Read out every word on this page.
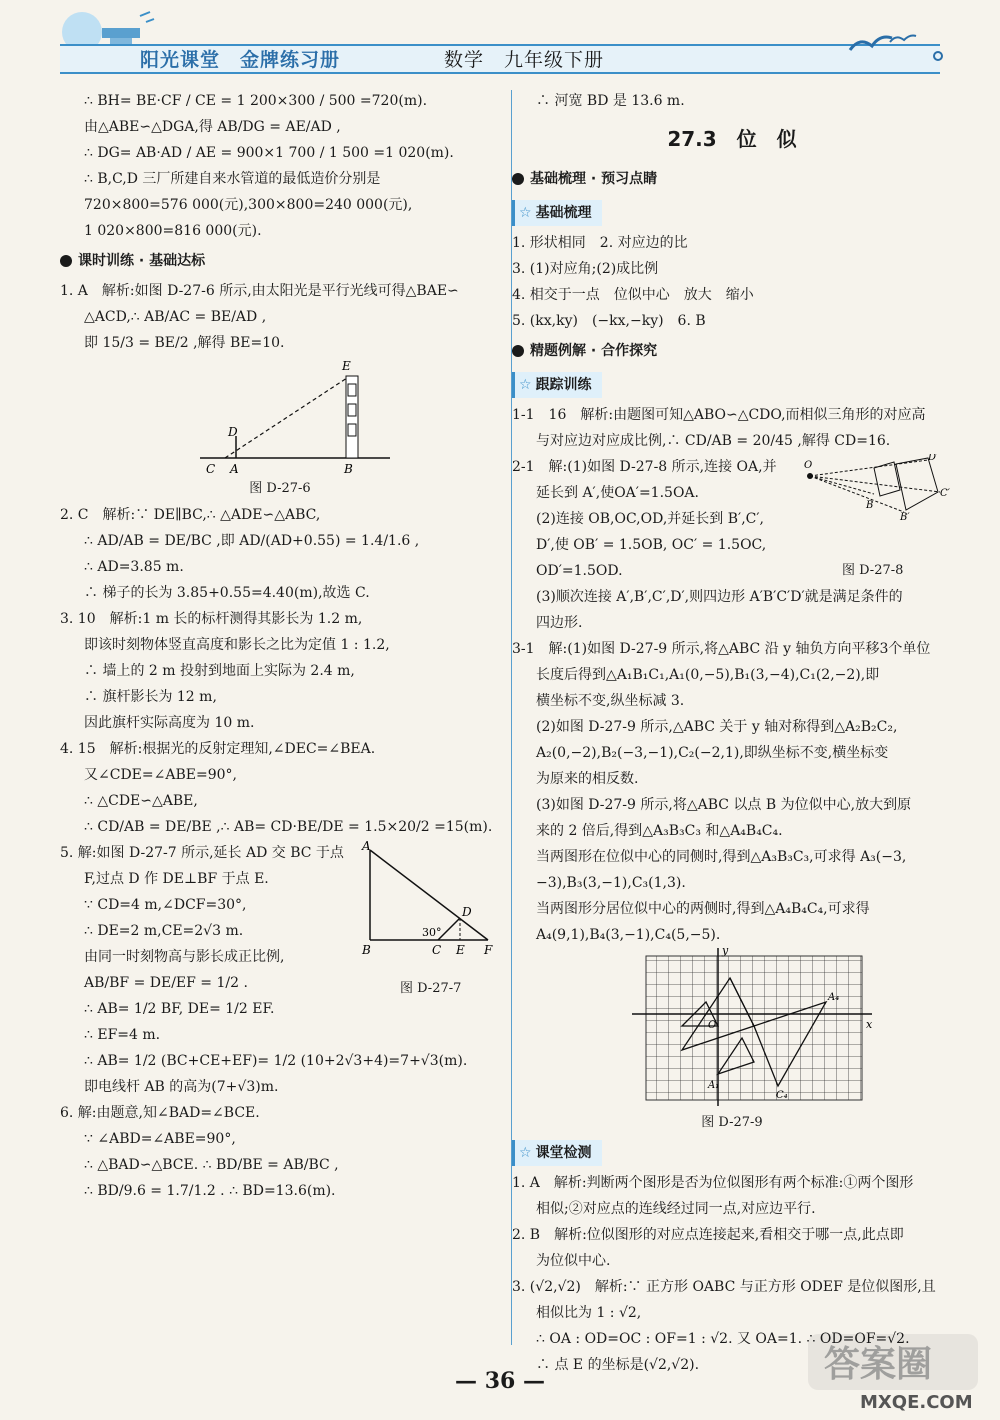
阳光课堂　金牌练习册	数学　九年级下册
∴ BH= BE·CF / CE = 1 200×300 / 500 =720(m).
由△ABE∽△DGA,得 AB/DG = AE/AD ,
∴ DG= AB·AD / AE = 900×1 700 / 1 500 =1 020(m).
∴ B,C,D 三厂所建自来水管道的最低造价分别是
720×800=576 000(元),300×800=240 000(元),
1 020×800=816 000(元).
课时训练 · 基础达标
1. A　解析:如图 D-27-6 所示,由太阳光是平行光线可得△BAE∽
△ACD,∴ AB/AC = BE/AD ,
即 15/3 = BE/2 ,解得 BE=10.
C A
D
B
E
图 D-27-6
2. C　解析:∵ DE∥BC,∴ △ADE∽△ABC,
∴ AD/AB = DE/BC ,即 AD/(AD+0.55) = 1.4/1.6 ,
∴ AD=3.85 m.
∴ 梯子的长为 3.85+0.55=4.40(m),故选 C.
3. 10　解析:1 m 长的标杆测得其影长为 1.2 m,
即该时刻物体竖直高度和影长之比为定值 1 : 1.2,
∴ 墙上的 2 m 投射到地面上实际为 2.4 m,
∴ 旗杆影长为 12 m,
因此旗杆实际高度为 10 m.
4. 15　解析:根据光的反射定理知,∠DEC=∠BEA.
又∠CDE=∠ABE=90°,
∴ △CDE∽△ABE,
∴ CD/AB = DE/BE ,∴ AB= CD·BE/DE = 1.5×20/2 =15(m).
5. 解:如图 D-27-7 所示,延长 AD 交 BC 于点
F,过点 D 作 DE⊥BF 于点 E.
∵ CD=4 m,∠DCF=30°,
∴ DE=2 m,CE=2√3 m.
由同一时刻物高与影长成正比例,
AB/BF = DE/EF = 1/2 .
∴ AB= 1/2 BF, DE= 1/2 EF.
∴ EF=4 m.
A
B	C E F
D
30°
图 D-27-7
∴ AB= 1/2 (BC+CE+EF)= 1/2 (10+2√3+4)=7+√3(m).
即电线杆 AB 的高为(7+√3)m.
6. 解:由题意,知∠BAD=∠BCE.
∵ ∠ABD=∠ABE=90°,
∴ △BAD∽△BCE. ∴ BD/BE = AB/BC ,
∴ BD/9.6 = 1.7/1.2 . ∴ BD=13.6(m).
∴ 河宽 BD 是 13.6 m.
27.3　位　似
基础梳理 · 预习点睛
☆ 基础梳理
1. 形状相同　2. 对应边的比
3. (1)对应角;(2)成比例
4. 相交于一点　位似中心　放大　缩小
5. (kx,ky)　(−kx,−ky)　6. B
精题例解 · 合作探究
☆ 跟踪训练
1-1　16　解析:由题图可知△ABO∽△CDO,而相似三角形的对应高
与对应边对应成比例,∴ CD/AB = 20/45 ,解得 CD=16.
2-1　解:(1)如图 D-27-8 所示,连接 OA,并
延长到 A′,使OA′=1.5OA.
(2)连接 OB,OC,OD,并延长到 B′,C′,
D′,使 OB′ = 1.5OB, OC′ = 1.5OC,
O
D′
C′
B′
B
OD′=1.5OD.	图 D-27-8
(3)顺次连接 A′,B′,C′,D′,则四边形 A′B′C′D′就是满足条件的
四边形.
3-1　解:(1)如图 D-27-9 所示,将△ABC 沿 y 轴负方向平移3个单位
长度后得到△A₁B₁C₁,A₁(0,−5),B₁(3,−4),C₁(2,−2),即
横坐标不变,纵坐标减 3.
(2)如图 D-27-9 所示,△ABC 关于 y 轴对称得到△A₂B₂C₂,
A₂(0,−2),B₂(−3,−1),C₂(−2,1),即纵坐标不变,横坐标变
为原来的相反数.
(3)如图 D-27-9 所示,将△ABC 以点 B 为位似中心,放大到原
来的 2 倍后,得到△A₃B₃C₃ 和△A₄B₄C₄.
当两图形在位似中心的同侧时,得到△A₃B₃C₃,可求得 A₃(−3,
−3),B₃(3,−1),C₃(1,3).
当两图形分居位似中心的两侧时,得到△A₄B₄C₄,可求得
A₄(9,1),B₄(3,−1),C₄(5,−5).
y
x
O
A₄
C₄
A₁
图 D-27-9
☆ 课堂检测
1. A　解析:判断两个图形是否为位似图形有两个标准:①两个图形
相似;②对应点的连线经过同一点,对应边平行.
2. B　解析:位似图形的对应点连接起来,看相交于哪一点,此点即
为位似中心.
3. (√2,√2)　解析:∵ 正方形 OABC 与正方形 ODEF 是位似图形,且
相似比为 1 : √2,
∴ OA : OD=OC : OF=1 : √2. 又 OA=1. ∴ OD=OF=√2.
∴ 点 E 的坐标是(√2,√2).
— 36 —	答案圈
MXQE.COM
